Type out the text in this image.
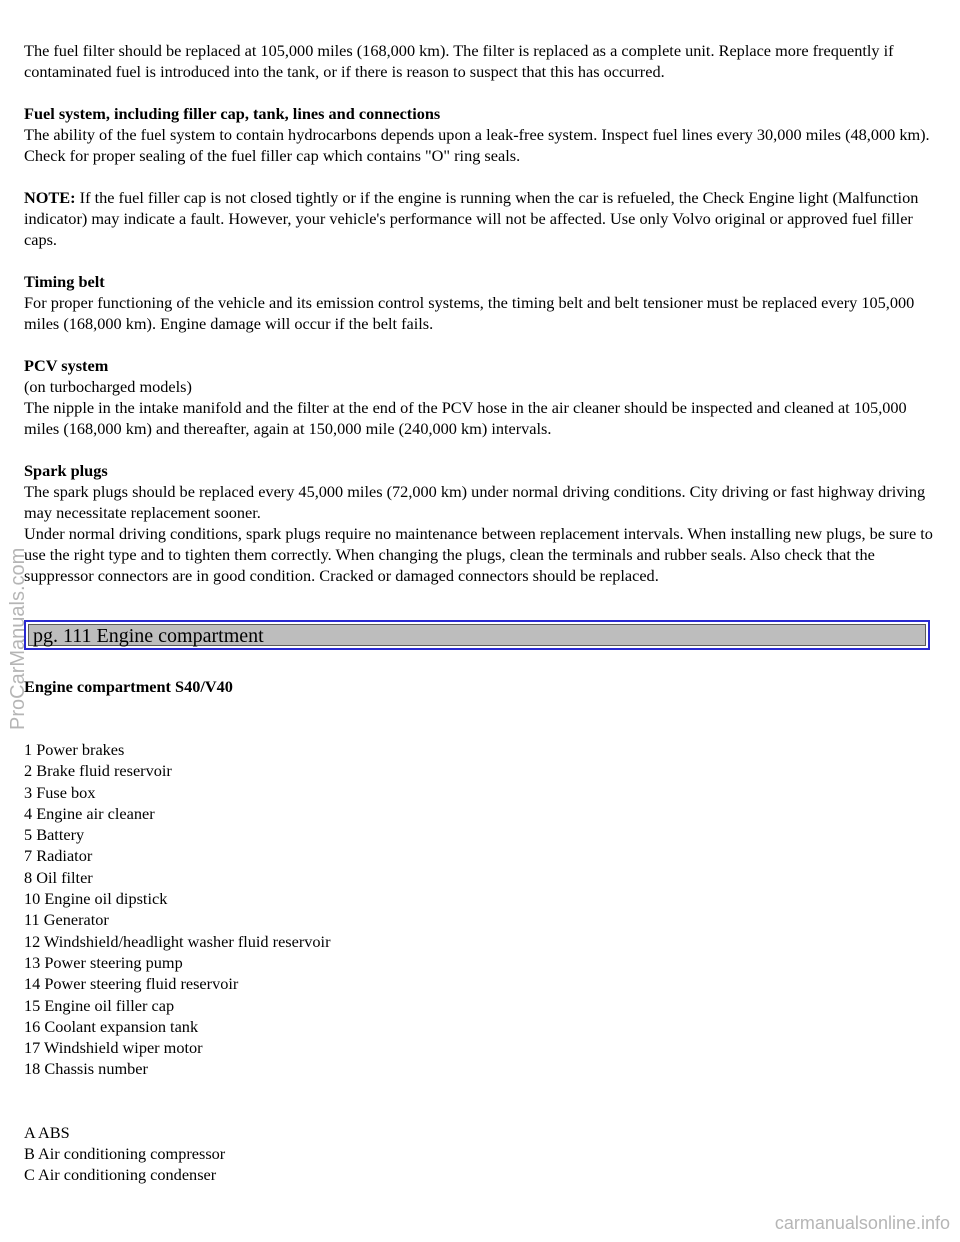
The fuel filter should be replaced at 105,000 miles (168,000 km). The filter is replaced as a complete unit. Replace more frequently if contaminated fuel is introduced into the tank, or if there is reason to suspect that this has occurred.

Fuel system, including filler cap, tank, lines and connections
The ability of the fuel system to contain hydrocarbons depends upon a leak-free system. Inspect fuel lines every 30,000 miles (48,000 km). Check for proper sealing of the fuel filler cap which contains "O" ring seals.

NOTE: If the fuel filler cap is not closed tightly or if the engine is running when the car is refueled, the Check Engine light (Malfunction indicator) may indicate a fault. However, your vehicle's performance will not be affected. Use only Volvo original or approved fuel filler caps.

Timing belt
For proper functioning of the vehicle and its emission control systems, the timing belt and belt tensioner must be replaced every 105,000 miles (168,000 km). Engine damage will occur if the belt fails.

PCV system
(on turbocharged models)
The nipple in the intake manifold and the filter at the end of the PCV hose in the air cleaner should be inspected and cleaned at 105,000 miles (168,000 km) and thereafter, again at 150,000 mile (240,000 km) intervals.

Spark plugs
The spark plugs should be replaced every 45,000 miles (72,000 km) under normal driving conditions. City driving or fast highway driving may necessitate replacement sooner.
Under normal driving conditions, spark plugs require no maintenance between replacement intervals. When installing new plugs, be sure to use the right type and to tighten them correctly. When changing the plugs, clean the terminals and rubber seals. Also check that the suppressor connectors are in good condition. Cracked or damaged connectors should be replaced.

pg. 111 Engine compartment
Engine compartment S40/V40
1 Power brakes
2 Brake fluid reservoir
3 Fuse box
4 Engine air cleaner
5 Battery
7 Radiator
8 Oil filter
10 Engine oil dipstick
11 Generator
12 Windshield/headlight washer fluid reservoir
13 Power steering pump
14 Power steering fluid reservoir
15 Engine oil filler cap
16 Coolant expansion tank
17 Windshield wiper motor
18 Chassis number
A ABS
B Air conditioning compressor
C Air conditioning condenser
ProCarManuals.com
carmanualsonline.info
